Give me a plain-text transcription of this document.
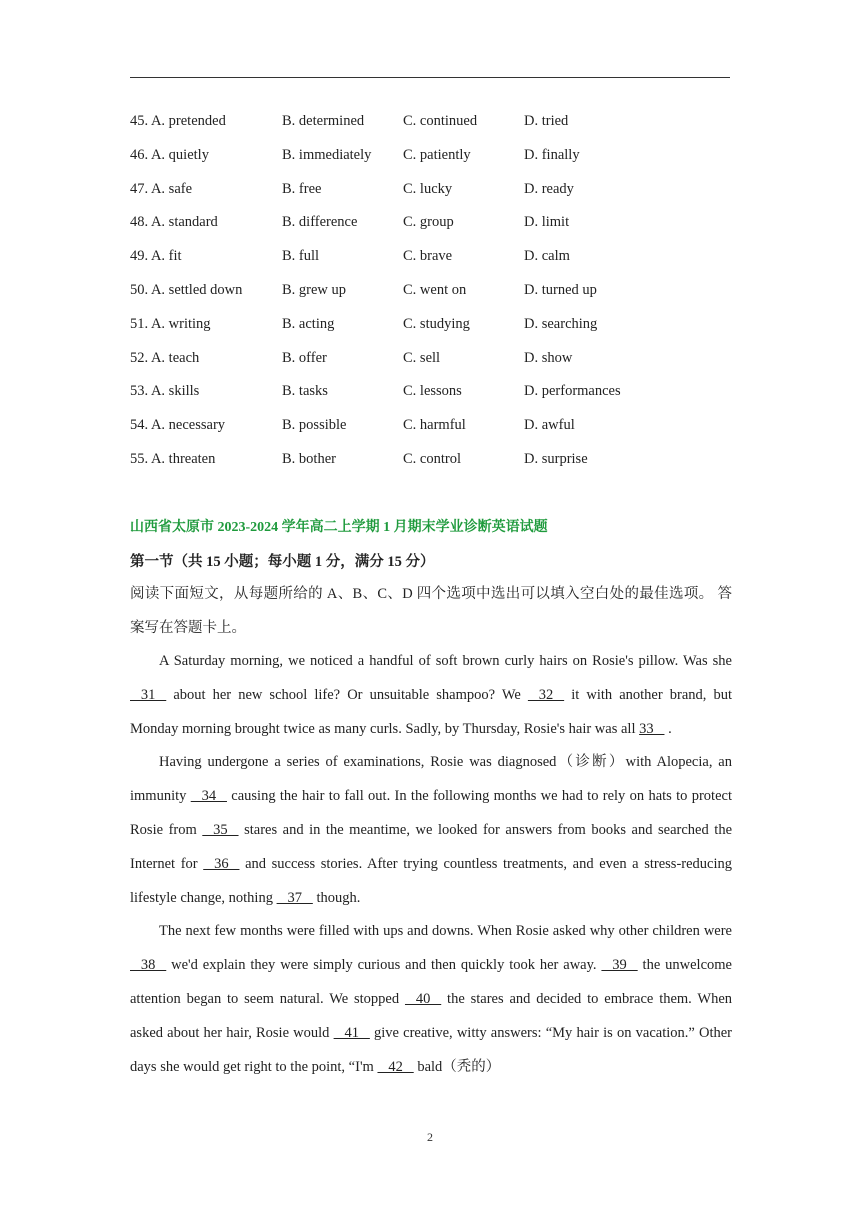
45. A. pretended	B. determined	C. continued	D. tried
46. A. quietly	B. immediately	C. patiently	D. finally
47. A. safe	B. free	C. lucky	D. ready
48. A. standard	B. difference	C. group	D. limit
49. A. fit	B. full	C. brave	D. calm
50. A. settled down	B. grew up	C. went on	D. turned up
51. A. writing	B. acting	C. studying	D. searching
52. A. teach	B. offer	C. sell	D. show
53. A. skills	B. tasks	C. lessons	D. performances
54. A. necessary	B. possible	C. harmful	D. awful
55. A. threaten	B. bother	C. control	D. surprise
山西省太原市 2023-2024 学年高二上学期 1 月期末学业诊断英语试题
第一节（共 15 小题；每小题 1 分，满分 15 分）
阅读下面短文，从每题所给的 A、B、C、D 四个选项中选出可以填入空白处的最佳选项。 答案写在答题卡上。

A Saturday morning, we noticed a handful of soft brown curly hairs on Rosie's pillow. Was she    31    about her new school life? Or unsuitable shampoo? We    32    it with another brand, but Monday morning brought twice as many curls. Sadly, by Thursday, Rosie's hair was all 33    .

Having undergone a series of examinations, Rosie was diagnosed（诊断）with Alopecia, an immunity    34    causing the hair to fall out. In the following months we had to rely on hats to protect Rosie from    35    stares and in the meantime, we looked for answers from books and searched the Internet for    36    and success stories. After trying countless treatments, and even a stress-reducing lifestyle change, nothing    37    though.

The next few months were filled with ups and downs. When Rosie asked why other children were    38    we'd explain they were simply curious and then quickly took her away.    39    the unwelcome attention began to seem natural. We stopped    40    the stares and decided to embrace them. When asked about her hair, Rosie would    41    give creative, witty answers: “My hair is on vacation.” Other days she would get right to the point, “I'm    42    bald（秃的）

2
